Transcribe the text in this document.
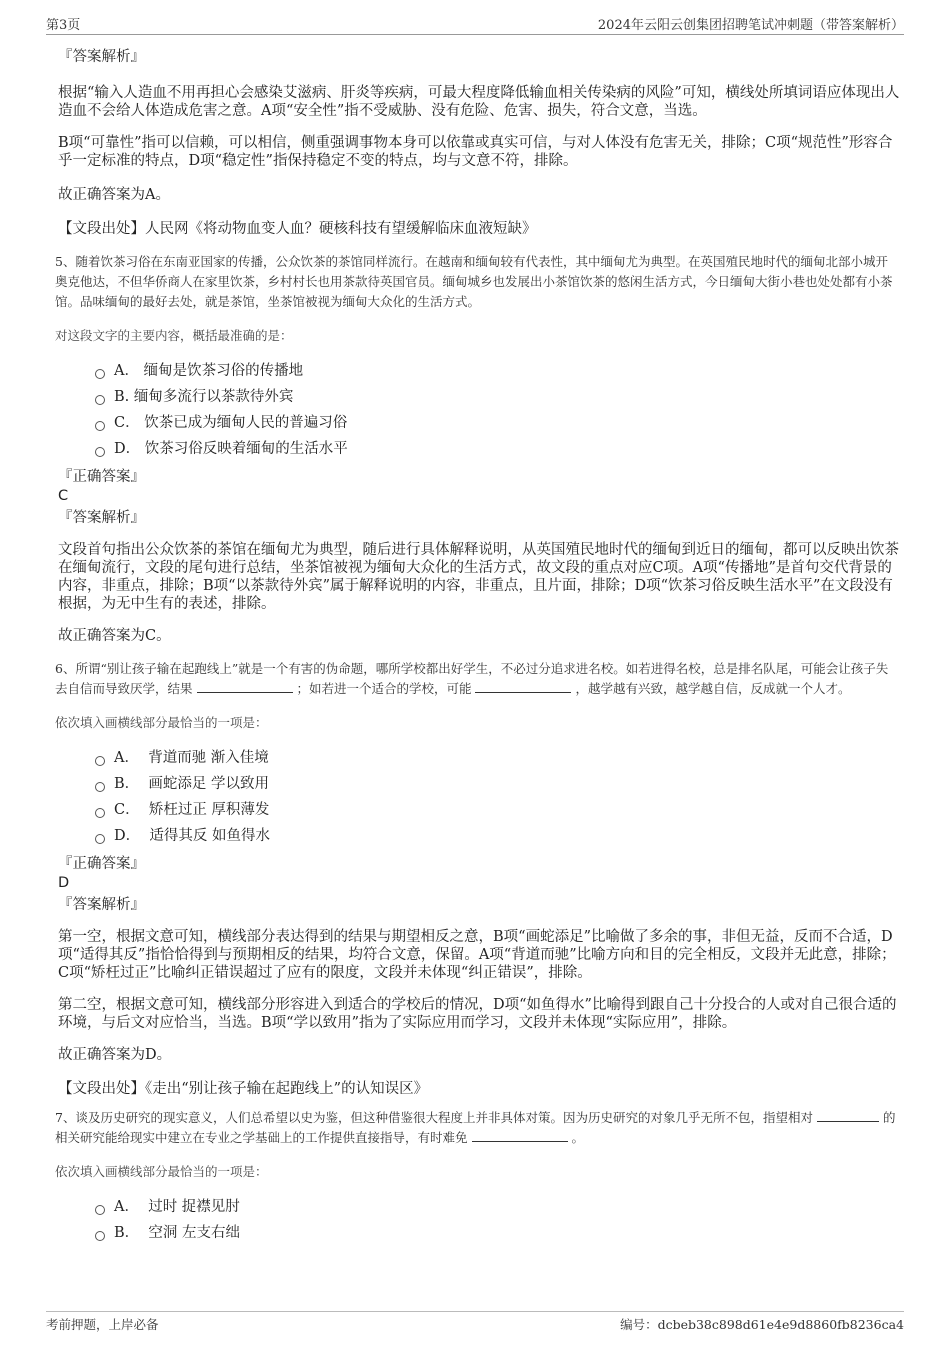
第3页	2024年云阳云创集团招聘笔试冲刺题（带答案解析）
『答案解析』
根据“输入人造血不用再担心会感染艾滋病、肝炎等疾病，可最大程度降低输血相关传染病的风险”可知，横线处所填词语应体现出人造血不会给人体造成危害之意。A项“安全性”指不受威胁、没有危险、危害、损失，符合文意，当选。
B项“可靠性”指可以信赖，可以相信，侧重强调事物本身可以依靠或真实可信，与对人体没有危害无关，排除；C项“规范性”形容合乎一定标准的特点，D项“稳定性”指保持稳定不变的特点，均与文意不符，排除。
故正确答案为A。
【文段出处】人民网《将动物血变人血？硬核科技有望缓解临床血液短缺》
5、随着饮茶习俗在东南亚国家的传播，公众饮茶的茶馆同样流行。在越南和缅甸较有代表性，其中缅甸尤为典型。在英国殖民地时代的缅甸北部小城开奥克他达，不但华侨商人在家里饮茶，乡村村长也用茶款待英国官员。缅甸城乡也发展出小茶馆饮茶的悠闲生活方式，今日缅甸大街小巷也处处都有小茶馆。品味缅甸的最好去处，就是茶馆，坐茶馆被视为缅甸大众化的生活方式。
对这段文字的主要内容，概括最准确的是：
A．
缅甸是饮茶习俗的传播地
B.
缅甸多流行以茶款待外宾
C．
饮茶已成为缅甸人民的普遍习俗
D．
饮茶习俗反映着缅甸的生活水平
『正确答案』
C
『答案解析』
文段首句指出公众饮茶的茶馆在缅甸尤为典型，随后进行具体解释说明，从英国殖民地时代的缅甸到近日的缅甸，都可以反映出饮茶在缅甸流行，文段的尾句进行总结，坐茶馆被视为缅甸大众化的生活方式，故文段的重点对应C项。A项“传播地”是首句交代背景的内容，非重点，排除；B项“以茶款待外宾”属于解释说明的内容，非重点，且片面，排除；D项“饮茶习俗反映生活水平”在文段没有根据，为无中生有的表述，排除。
故正确答案为C。
6、所谓“别让孩子输在起跑线上”就是一个有害的伪命题，哪所学校都出好学生，不必过分追求进名校。如若进得名校，总是排名队尾，可能会让孩子失去自信而导致厌学，结果	；如若进一个适合的学校，可能	，越学越有兴致，越学越自信，反成就一个人才。
依次填入画横线部分最恰当的一项是：
A．
背道而驰 渐入佳境
B．
画蛇添足 学以致用
C．
矫枉过正 厚积薄发
D．
适得其反 如鱼得水
『正确答案』
D
『答案解析』
第一空，根据文意可知，横线部分表达得到的结果与期望相反之意，B项“画蛇添足”比喻做了多余的事，非但无益，反而不合适，D项“适得其反”指恰恰得到与预期相反的结果，均符合文意，保留。A项“背道而驰”比喻方向和目的完全相反，文段并无此意，排除；C项“矫枉过正”比喻纠正错误超过了应有的限度，文段并未体现“纠正错误”，排除。
第二空，根据文意可知，横线部分形容进入到适合的学校后的情况，D项“如鱼得水”比喻得到跟自己十分投合的人或对自己很合适的环境，与后文对应恰当，当选。B项“学以致用”指为了实际应用而学习，文段并未体现“实际应用”，排除。
故正确答案为D。
【文段出处】《走出“别让孩子输在起跑线上”的认知误区》
7、谈及历史研究的现实意义，人们总希望以史为鉴，但这种借鉴很大程度上并非具体对策。因为历史研究的对象几乎无所不包，指望相对	的相关研究能给现实中建立在专业之学基础上的工作提供直接指导，有时难免	。
依次填入画横线部分最恰当的一项是：
A．
过时 捉襟见肘
B．
空洞 左支右绌
考前押题，上岸必备	编号：dcbeb38c898d61e4e9d8860fb8236ca4
